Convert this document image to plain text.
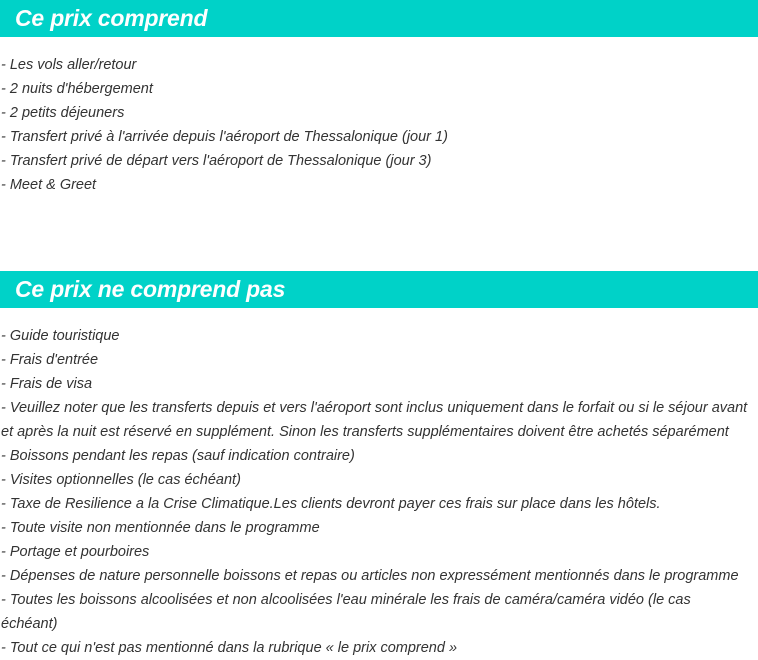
Ce prix comprend
- Les vols aller/retour
- 2 nuits d'hébergement
- 2 petits déjeuners
- Transfert privé à l'arrivée depuis l'aéroport de Thessalonique (jour 1)
- Transfert privé de départ vers l'aéroport de Thessalonique (jour 3)
- Meet & Greet
Ce prix ne comprend pas
- Guide touristique
- Frais d'entrée
- Frais de visa
- Veuillez noter que les transferts depuis et vers l'aéroport sont inclus uniquement dans le forfait ou si le séjour avant et après la nuit est réservé en supplément. Sinon les transferts supplémentaires doivent être achetés séparément
- Boissons pendant les repas (sauf indication contraire)
- Visites optionnelles (le cas échéant)
- Taxe de Resilience a la Crise Climatique.Les clients devront payer ces frais sur place dans les hôtels.
- Toute visite non mentionnée dans le programme
- Portage et pourboires
- Dépenses de nature personnelle boissons et repas ou articles non expressément mentionnés dans le programme
- Toutes les boissons alcoolisées et non alcoolisées l'eau minérale les frais de caméra/caméra vidéo (le cas échéant)
- Tout ce qui n'est pas mentionné dans la rubrique « le prix comprend »
